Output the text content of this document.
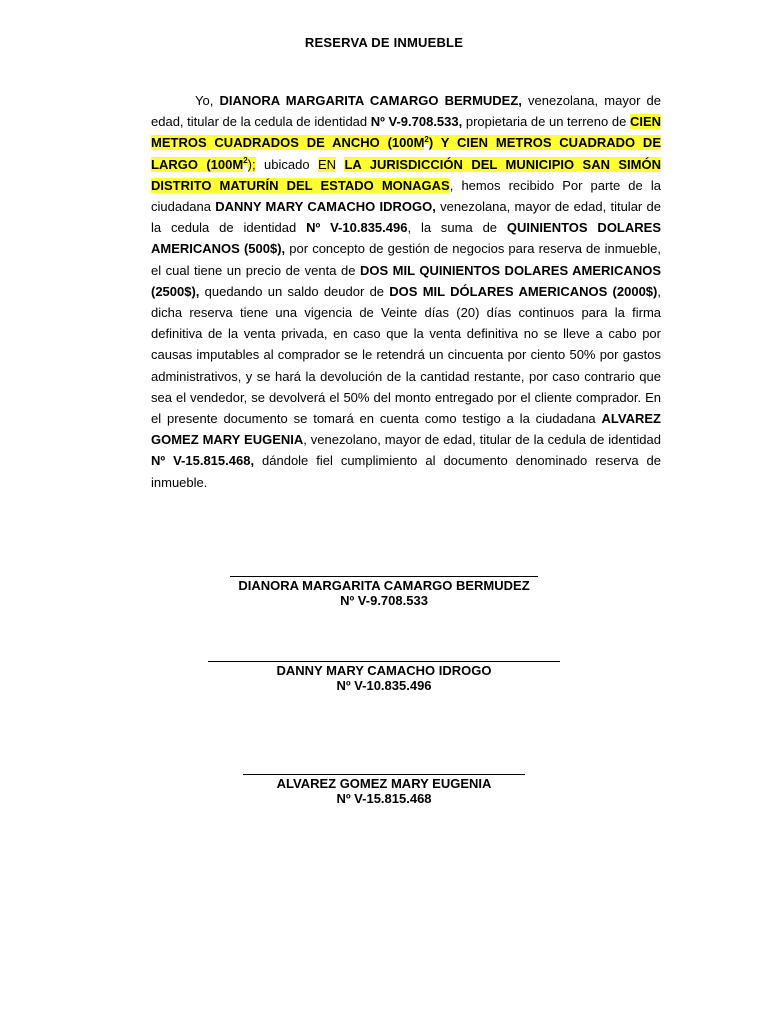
RESERVA DE INMUEBLE
Yo, DIANORA MARGARITA CAMARGO BERMUDEZ, venezolana, mayor de edad, titular de la cedula de identidad Nº V-9.708.533, propietaria de un terreno de CIEN METROS CUADRADOS DE ANCHO $(100M^2)$ Y CIEN METROS CUADRADO DE LARGO $(100M^2)$; ubicado EN LA JURISDICCIÓN DEL MUNICIPIO SAN SIMÓN DISTRITO MATURÍN DEL ESTADO MONAGAS, hemos recibido Por parte de la ciudadana DANNY MARY CAMACHO IDROGO, venezolana, mayor de edad, titular de la cedula de identidad Nº V-10.835.496, la suma de QUINIENTOS DOLARES AMERICANOS (500$), por concepto de gestión de negocios para reserva de inmueble, el cual tiene un precio de venta de DOS MIL QUINIENTOS DOLARES AMERICANOS (2500$), quedando un saldo deudor de DOS MIL DÓLARES AMERICANOS (2000$), dicha reserva tiene una vigencia de Veinte días (20) días continuos para la firma definitiva de la venta privada, en caso que la venta definitiva no se lleve a cabo por causas imputables al comprador se le retendrá un cincuenta por ciento 50% por gastos administrativos, y se hará la devolución de la cantidad restante, por caso contrario que sea el vendedor, se devolverá el 50% del monto entregado por el cliente comprador. En el presente documento se tomará en cuenta como testigo a la ciudadana ALVAREZ GOMEZ MARY EUGENIA, venezolano, mayor de edad, titular de la cedula de identidad Nº V-15.815.468, dándole fiel cumplimiento al documento denominado reserva de inmueble.
DIANORA MARGARITA CAMARGO BERMUDEZ
Nº V-9.708.533
DANNY MARY CAMACHO IDROGO
Nº V-10.835.496
ALVAREZ GOMEZ MARY EUGENIA
Nº V-15.815.468
